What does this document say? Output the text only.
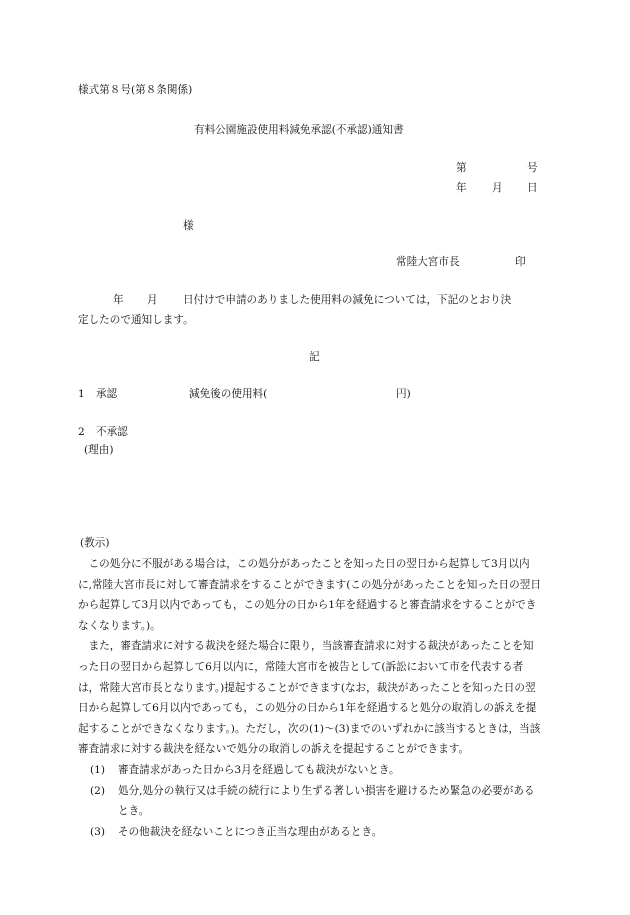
様式第８号(第８条関係)
有料公園施設使用料減免承認(不承認)通知書
第	号
年 月 日
様
常陸大宮市長	印
年 月 日付けで申請のありました使用料の減免については，下記のとおり決
定したので通知します。
記
1 承認	減免後の使用料(	円)
2 不承認
(理由)
(教示)

この処分に不服がある場合は，この処分があったことを知った日の翌日から起算して3月以内に,常陸大宮市長に対して審査請求をすることができます(この処分があったことを知った日の翌日から起算して3月以内であっても，この処分の日から1年を経過すると審査請求をすることができなくなります。)。

また，審査請求に対する裁決を経た場合に限り，当該審査請求に対する裁決があったことを知った日の翌日から起算して6月以内に，常陸大宮市を被告として(訴訟において市を代表する者は，常陸大宮市長となります。)提起することができます(なお，裁決があったことを知った日の翌日から起算して6月以内であっても，この処分の日から1年を経過すると処分の取消しの訴えを提起することができなくなります。)。ただし，次の(1)～(3)までのいずれかに該当するときは，当該審査請求に対する裁決を経ないで処分の取消しの訴えを提起することができます。

(1) 審査請求があった日から3月を経過しても裁決がないとき。
(2) 処分,処分の執行又は手続の続行により生ずる著しい損害を避けるため緊急の必要があるとき。
(3) その他裁決を経ないことにつき正当な理由があるとき。
